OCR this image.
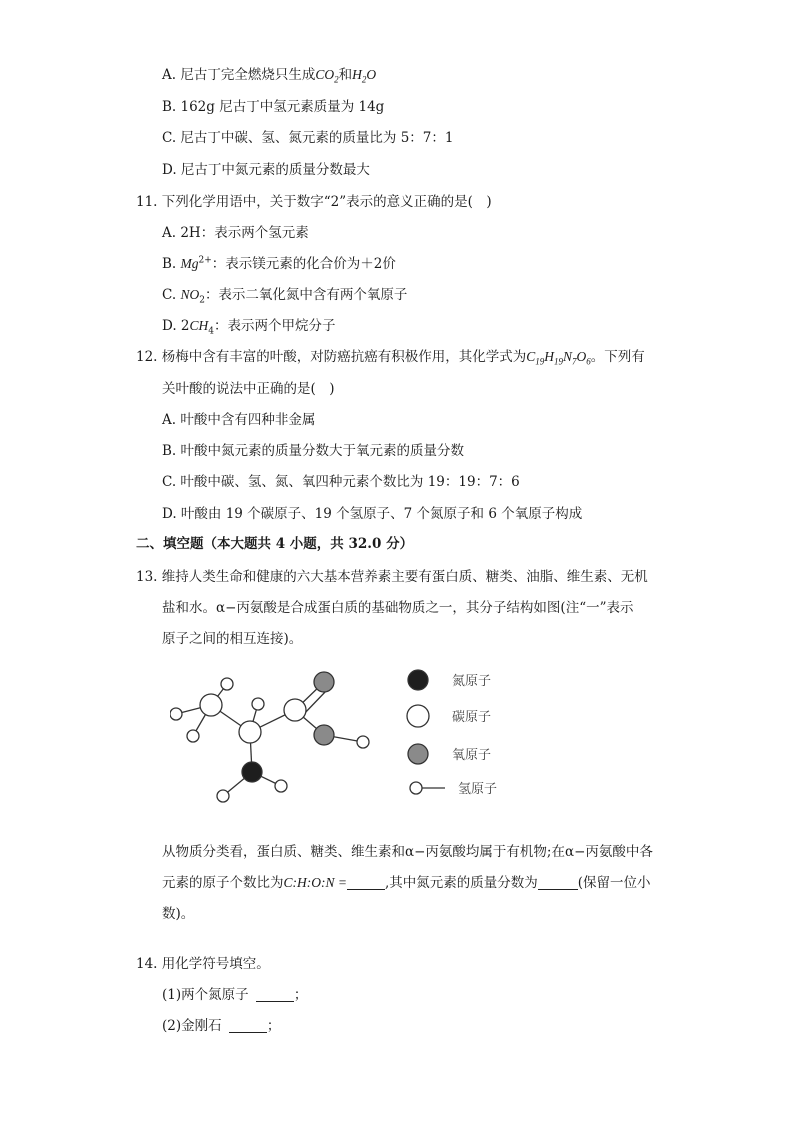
A. 尼古丁完全燃烧只生成$CO_2$和$H_2O$
B. 162g 尼古丁中氢元素质量为 14g
C. 尼古丁中碳、氢、氮元素的质量比为 5：7：1
D. 尼古丁中氮元素的质量分数最大
11. 下列化学用语中，关于数字“2”表示的意义正确的是(　)
A. 2H：表示两个氢元素
B. $Mg^{2+}$：表示镁元素的化合价为＋2价
C. $NO_2$：表示二氧化氮中含有两个氧原子
D. $2CH_4$：表示两个甲烷分子
12. 杨梅中含有丰富的叶酸，对防癌抗癌有积极作用，其化学式为$C_{19}H_{19}N_7O_6$。下列有
关叶酸的说法中正确的是(　)
A. 叶酸中含有四种非金属
B. 叶酸中氮元素的质量分数大于氧元素的质量分数
C. 叶酸中碳、氢、氮、氧四种元素个数比为 19：19：7：6
D. 叶酸由 19 个碳原子、19 个氢原子、7 个氮原子和 6 个氧原子构成
二、填空题（本大题共 4 小题，共 32.0 分）
13. 维持人类生命和健康的六大基本营养素主要有蛋白质、糖类、油脂、维生素、无机
盐和水。α−丙氨酸是合成蛋白质的基础物质之一，其分子结构如图(注“一”表示
原子之间的相互连接)。
氮原子
碳原子
氧原子
氢原子
从物质分类看，蛋白质、糖类、维生素和α−丙氨酸均属于有机物;在α−丙氨酸中各
元素的原子个数比为C:H:O:N =	,其中氮元素的质量分数为	(保留一位小
数)。
14. 用化学符号填空。
(1)两个氮原子	；
(2)金刚石	；
